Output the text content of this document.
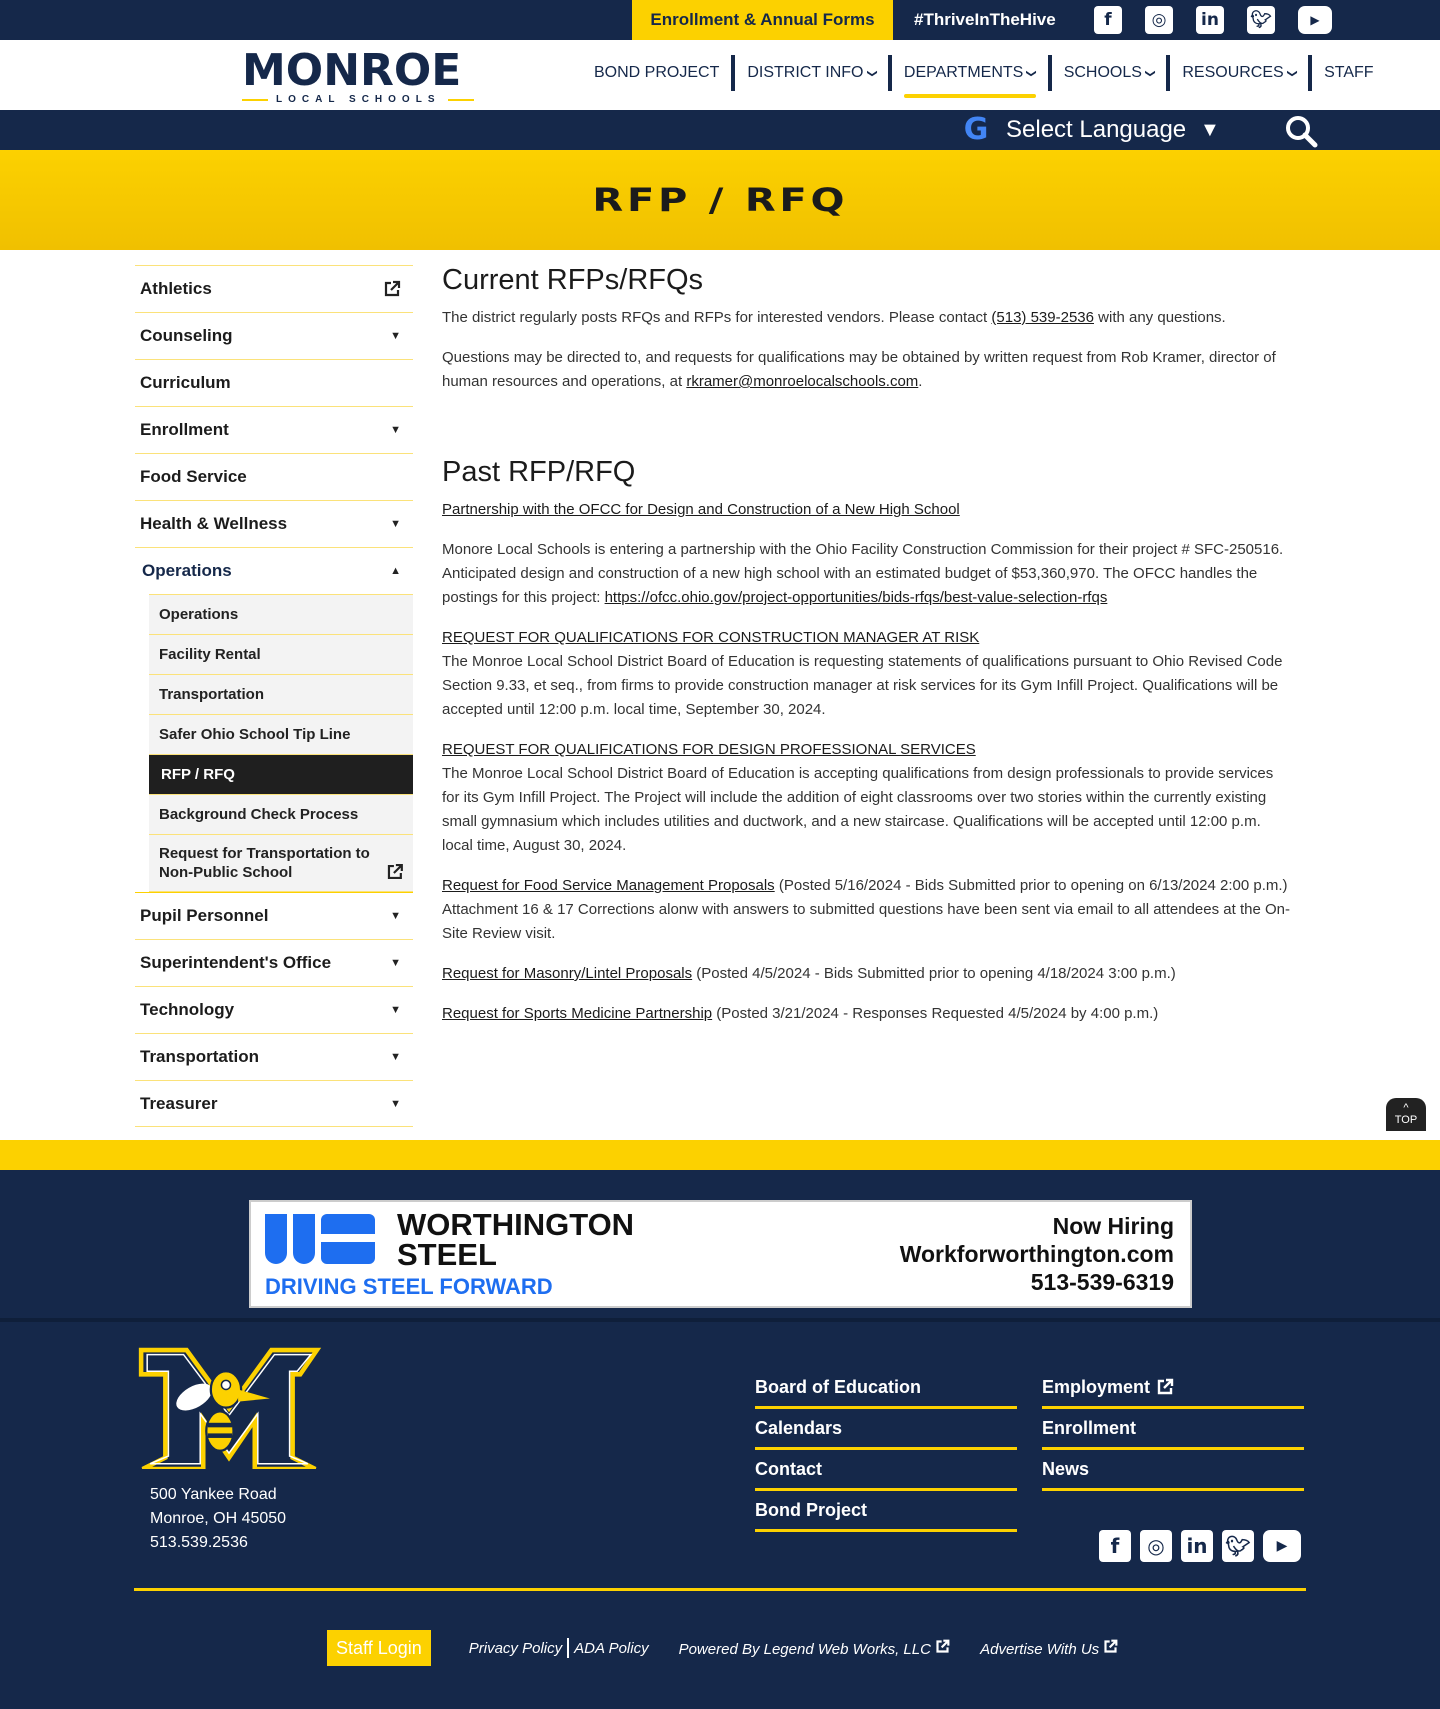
Enrollment & Annual Forms	#ThriveInTheHive	f	◎	in 🐦︎	▶
MONROE
LOCAL SCHOOLS
BOND PROJECT DISTRICT INFO ❯ DEPARTMENTS ❯ SCHOOLS ❯ RESOURCES ❯ STAFF
G Select Language ▼
RFP / RFQ
Athletics
Counseling	▼
Curriculum
Enrollment	▼
Food Service
Health & Wellness	▼
Operations	▲
Operations
Facility Rental
Transportation
Safer Ohio School Tip Line
RFP / RFQ
Background Check Process
Request for Transportation to Non-Public School
Pupil Personnel	▼
Superintendent's Office	▼
Technology	▼
Transportation	▼
Treasurer	▼
Current RFPs/RFQs

The district regularly posts RFQs and RFPs for interested vendors. Please contact (513) 539-2536 with any questions.

Questions may be directed to, and requests for qualifications may be obtained by written request from Rob Kramer, director of human resources and operations, at rkramer@monroelocalschools.com.

Past RFP/RFQ

Partnership with the OFCC for Design and Construction of a New High School

Monore Local Schools is entering a partnership with the Ohio Facility Construction Commission for their project # SFC-250516. Anticipated design and construction of a new high school with an estimated budget of $53,360,970. The OFCC handles the postings for this project: https://ofcc.ohio.gov/project-opportunities/bids-rfqs/best-value-selection-rfqs

REQUEST FOR QUALIFICATIONS FOR CONSTRUCTION MANAGER AT RISK
The Monroe Local School District Board of Education is requesting statements of qualifications pursuant to Ohio Revised Code Section 9.33, et seq., from firms to provide construction manager at risk services for its Gym Infill Project. Qualifications will be accepted until 12:00 p.m. local time, September 30, 2024.

REQUEST FOR QUALIFICATIONS FOR DESIGN PROFESSIONAL SERVICES
The Monroe Local School District Board of Education is accepting qualifications from design professionals to provide services for its Gym Infill Project. The Project will include the addition of eight classrooms over two stories within the currently existing small gymnasium which includes utilities and ductwork, and a new staircase. Qualifications will be accepted until 12:00 p.m. local time, August 30, 2024.

Request for Food Service Management Proposals (Posted 5/16/2024 - Bids Submitted prior to opening on 6/13/2024 2:00 p.m.) Attachment 16 & 17 Corrections alonw with answers to submitted questions have been sent via email to all attendees at the On-Site Review visit.

Request for Masonry/Lintel Proposals (Posted 4/5/2024 - Bids Submitted prior to opening 4/18/2024 3:00 p.m.)

Request for Sports Medicine Partnership (Posted 3/21/2024 - Responses Requested 4/5/2024 by 4:00 p.m.)

^
TOP
WORTHINGTON
STEEL
DRIVING STEEL FORWARD
Now Hiring
Workforworthington.com
513-539-6319
500 Yankee Road
Monroe, OH 45050
513.539.2536
Board of Education	Employment
Calendars	Enrollment
Contact	News
Bond Project
f	◎	in 🐦︎	▶
Staff Login	Privacy Policy ADA Policy Powered By Legend Web Works, LLC	Advertise With Us
